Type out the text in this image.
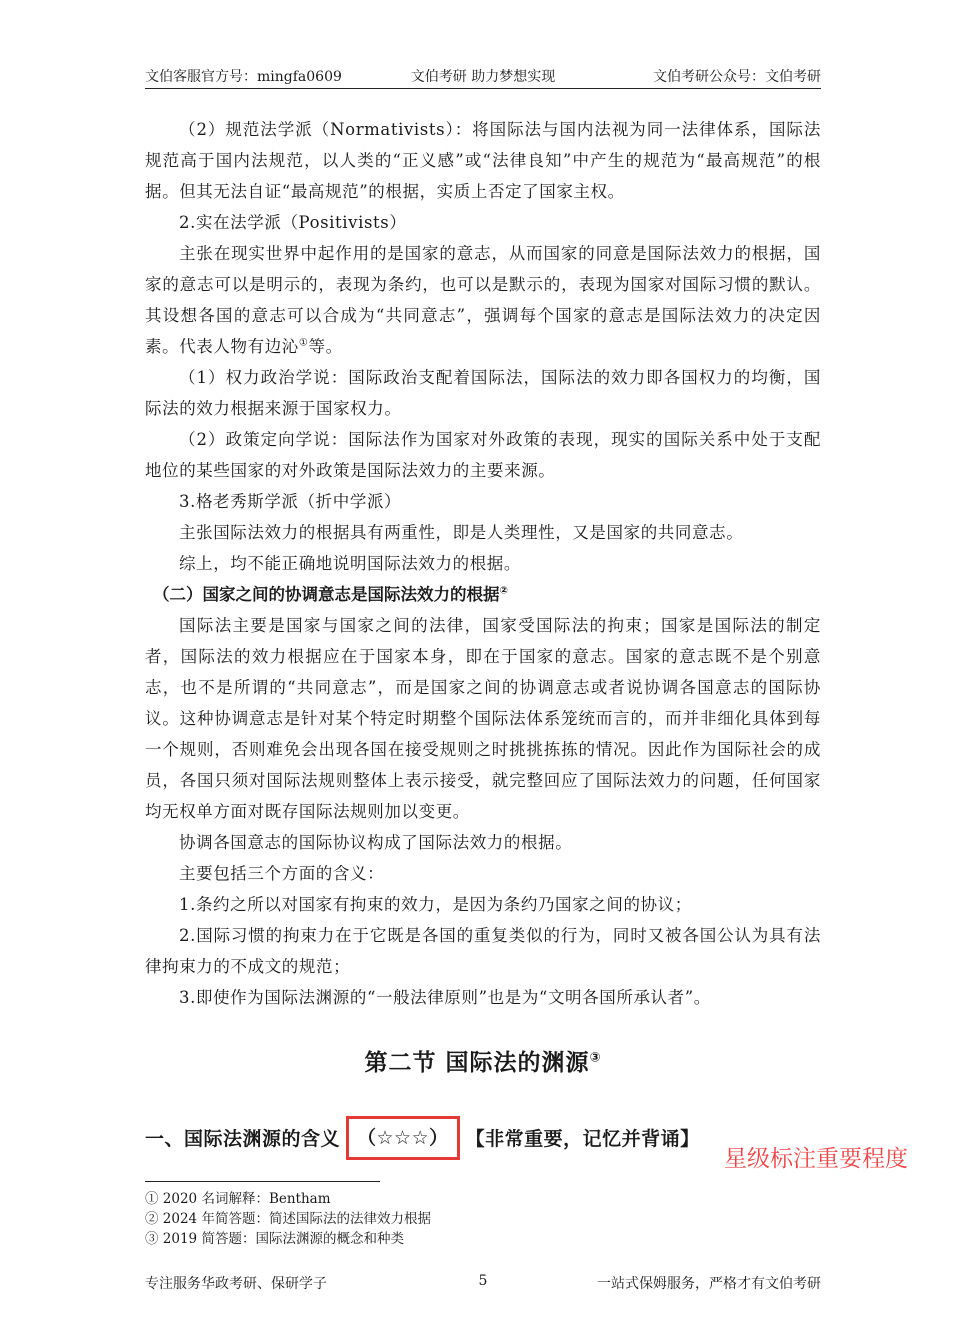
文伯客服官方号：mingfa0609	文伯考研 助力梦想实现	文伯考研公众号：文伯考研

（2）规范法学派（Normativists）：将国际法与国内法视为同一法律体系，国际法规范高于国内法规范，以人类的“正义感”或“法律良知”中产生的规范为“最高规范”的根据。但其无法自证“最高规范”的根据，实质上否定了国家主权。

2.实在法学派（Positivists）

主张在现实世界中起作用的是国家的意志，从而国家的同意是国际法效力的根据，国家的意志可以是明示的，表现为条约，也可以是默示的，表现为国家对国际习惯的默认。其设想各国的意志可以合成为“共同意志”，强调每个国家的意志是国际法效力的决定因素。代表人物有边沁①等。

（1）权力政治学说：国际政治支配着国际法，国际法的效力即各国权力的均衡，国际法的效力根据来源于国家权力。

（2）政策定向学说：国际法作为国家对外政策的表现，现实的国际关系中处于支配地位的某些国家的对外政策是国际法效力的主要来源。

3.格老秀斯学派（折中学派）

主张国际法效力的根据具有两重性，即是人类理性，又是国家的共同意志。

综上，均不能正确地说明国际法效力的根据。

（二）国家之间的协调意志是国际法效力的根据②

国际法主要是国家与国家之间的法律，国家受国际法的拘束；国家是国际法的制定者，国际法的效力根据应在于国家本身，即在于国家的意志。国家的意志既不是个别意志，也不是所谓的“共同意志”，而是国家之间的协调意志或者说协调各国意志的国际协议。这种协调意志是针对某个特定时期整个国际法体系笼统而言的，而并非细化具体到每一个规则，否则难免会出现各国在接受规则之时挑挑拣拣的情况。因此作为国际社会的成员，各国只须对国际法规则整体上表示接受，就完整回应了国际法效力的问题，任何国家均无权单方面对既存国际法规则加以变更。

协调各国意志的国际协议构成了国际法效力的根据。

主要包括三个方面的含义：

1.条约之所以对国家有拘束的效力，是因为条约乃国家之间的协议；

2.国际习惯的拘束力在于它既是各国的重复类似的行为，同时又被各国公认为具有法律拘束力的不成文的规范；

3.即使作为国际法渊源的“一般法律原则”也是为“文明各国所承认者”。

第二节 国际法的渊源③
一、国际法渊源的含义 （☆☆☆） 【非常重要，记忆并背诵】
星级标注重要程度
① 2020 名词解释：Bentham
② 2024 年简答题：简述国际法的法律效力根据
③ 2019 简答题：国际法渊源的概念和种类
专注服务华政考研、保研学子	5	一站式保姆服务，严格才有文伯考研
